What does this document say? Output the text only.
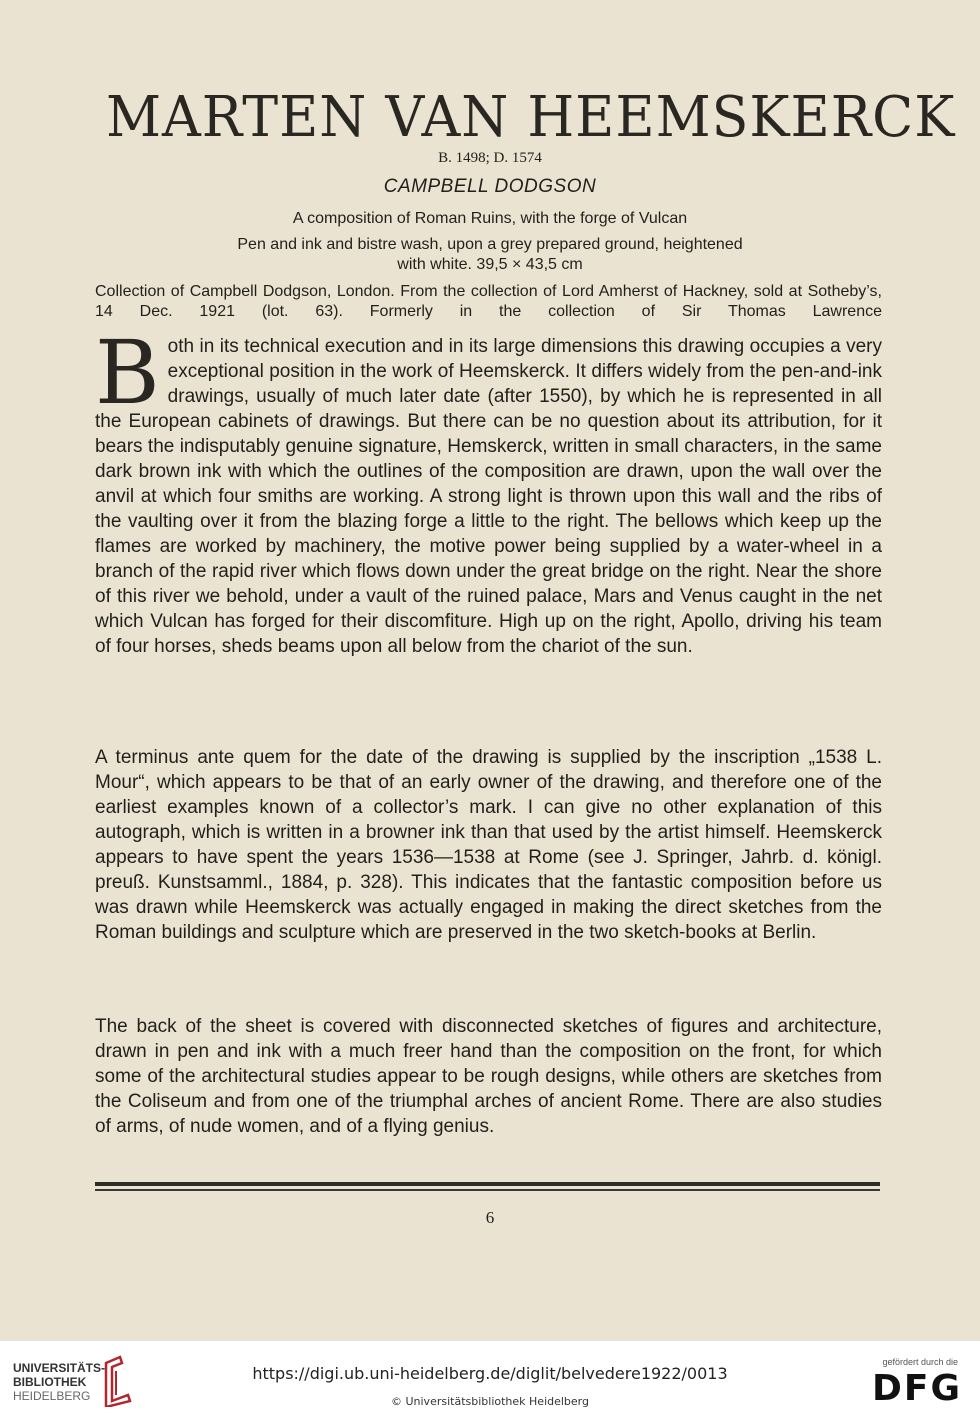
MARTEN VAN HEEMSKERCK
B. 1498; D. 1574
CAMPBELL DODGSON
A composition of Roman Ruins, with the forge of Vulcan
Pen and ink and bistre wash, upon a grey prepared ground, heightened
with white. 39,5 × 43,5 cm
Collection of Campbell Dodgson, London. From the collection of Lord Amherst of Hackney, sold at Sotheby’s, 14 Dec. 1921 (lot. 63). Formerly in the collection of Sir Thomas Lawrence
Both in its technical execution and in its large dimensions this drawing occupies a very exceptional position in the work of Heemskerck. It differs widely from the pen-and-ink drawings, usually of much later date (after 1550), by which he is represented in all the European cabinets of drawings. But there can be no question about its attribution, for it bears the indisputably genuine signature, Hemskerck, written in small characters, in the same dark brown ink with which the outlines of the composition are drawn, upon the wall over the anvil at which four smiths are working. A strong light is thrown upon this wall and the ribs of the vaulting over it from the blazing forge a little to the right. The bellows which keep up the flames are worked by machinery, the motive power being supplied by a water-wheel in a branch of the rapid river which flows down under the great bridge on the right. Near the shore of this river we behold, under a vault of the ruined palace, Mars and Venus caught in the net which Vulcan has forged for their discomfiture. High up on the right, Apollo, driving his team of four horses, sheds beams upon all below from the chariot of the sun.
A terminus ante quem for the date of the drawing is supplied by the inscription „1538 L. Mour“, which appears to be that of an early owner of the drawing, and therefore one of the earliest examples known of a collector’s mark. I can give no other explanation of this autograph, which is written in a browner ink than that used by the artist himself. Heemskerck appears to have spent the years 1536—1538 at Rome (see J. Springer, Jahrb. d. königl. preuß. Kunstsamml., 1884, p. 328). This indicates that the fantastic composition before us was drawn while Heemskerck was actually engaged in making the direct sketches from the Roman buildings and sculpture which are preserved in the two sketch-books at Berlin.
The back of the sheet is covered with disconnected sketches of figures and architecture, drawn in pen and ink with a much freer hand than the composition on the front, for which some of the architectural studies appear to be rough designs, while others are sketches from the Coliseum and from one of the triumphal arches of ancient Rome. There are also studies of arms, of nude women, and of a flying genius.
6
UNIVERSITÄTS-
BIBLIOTHEK
HEIDELBERG
https://digi.ub.uni-heidelberg.de/diglit/belvedere1922/0013
© Universitätsbibliothek Heidelberg
gefördert durch die
DFG
